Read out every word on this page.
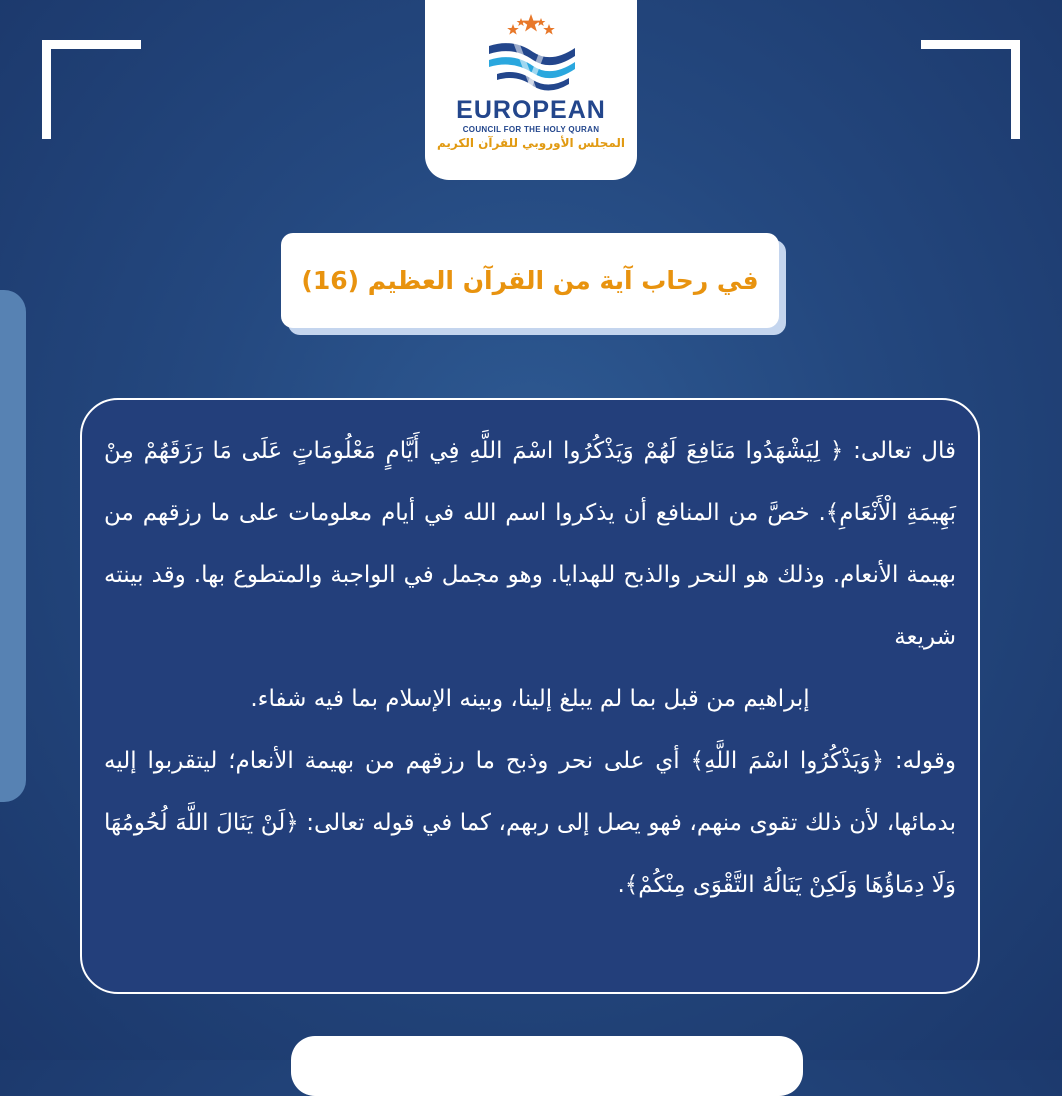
EUROPEAN
COUNCIL FOR THE HOLY QURAN
المجلس الأوروبي للقرآن الكريم
في رحاب آية من القرآن العظيم (16)

قال تعالى: ﴿ لِيَشْهَدُوا مَنَافِعَ لَهُمْ وَيَذْكُرُوا اسْمَ اللَّهِ فِي أَيَّامٍ مَعْلُومَاتٍ عَلَى مَا رَزَقَهُمْ مِنْ بَهِيمَةِ الْأَنْعَامِ﴾. خصَّ من المنافع أن يذكروا اسم الله في أيام معلومات على ما رزقهم من بهيمة الأنعام. وذلك هو النحر والذبح للهدايا. وهو مجمل في الواجبة والمتطوع بها. وقد بينته شريعة

إبراهيم من قبل بما لم يبلغ إلينا، وبينه الإسلام بما فيه شفاء.

وقوله: ﴿وَيَذْكُرُوا اسْمَ اللَّهِ﴾ أي على نحر وذبح ما رزقهم من بهيمة الأنعام؛ ليتقربوا إليه بدمائها، لأن ذلك تقوى منهم، فهو يصل إلى ربهم، كما في قوله تعالى: ﴿لَنْ يَنَالَ اللَّهَ لُحُومُهَا وَلَا دِمَاؤُهَا وَلَكِنْ يَنَالُهُ التَّقْوَى مِنْكُمْ﴾.
